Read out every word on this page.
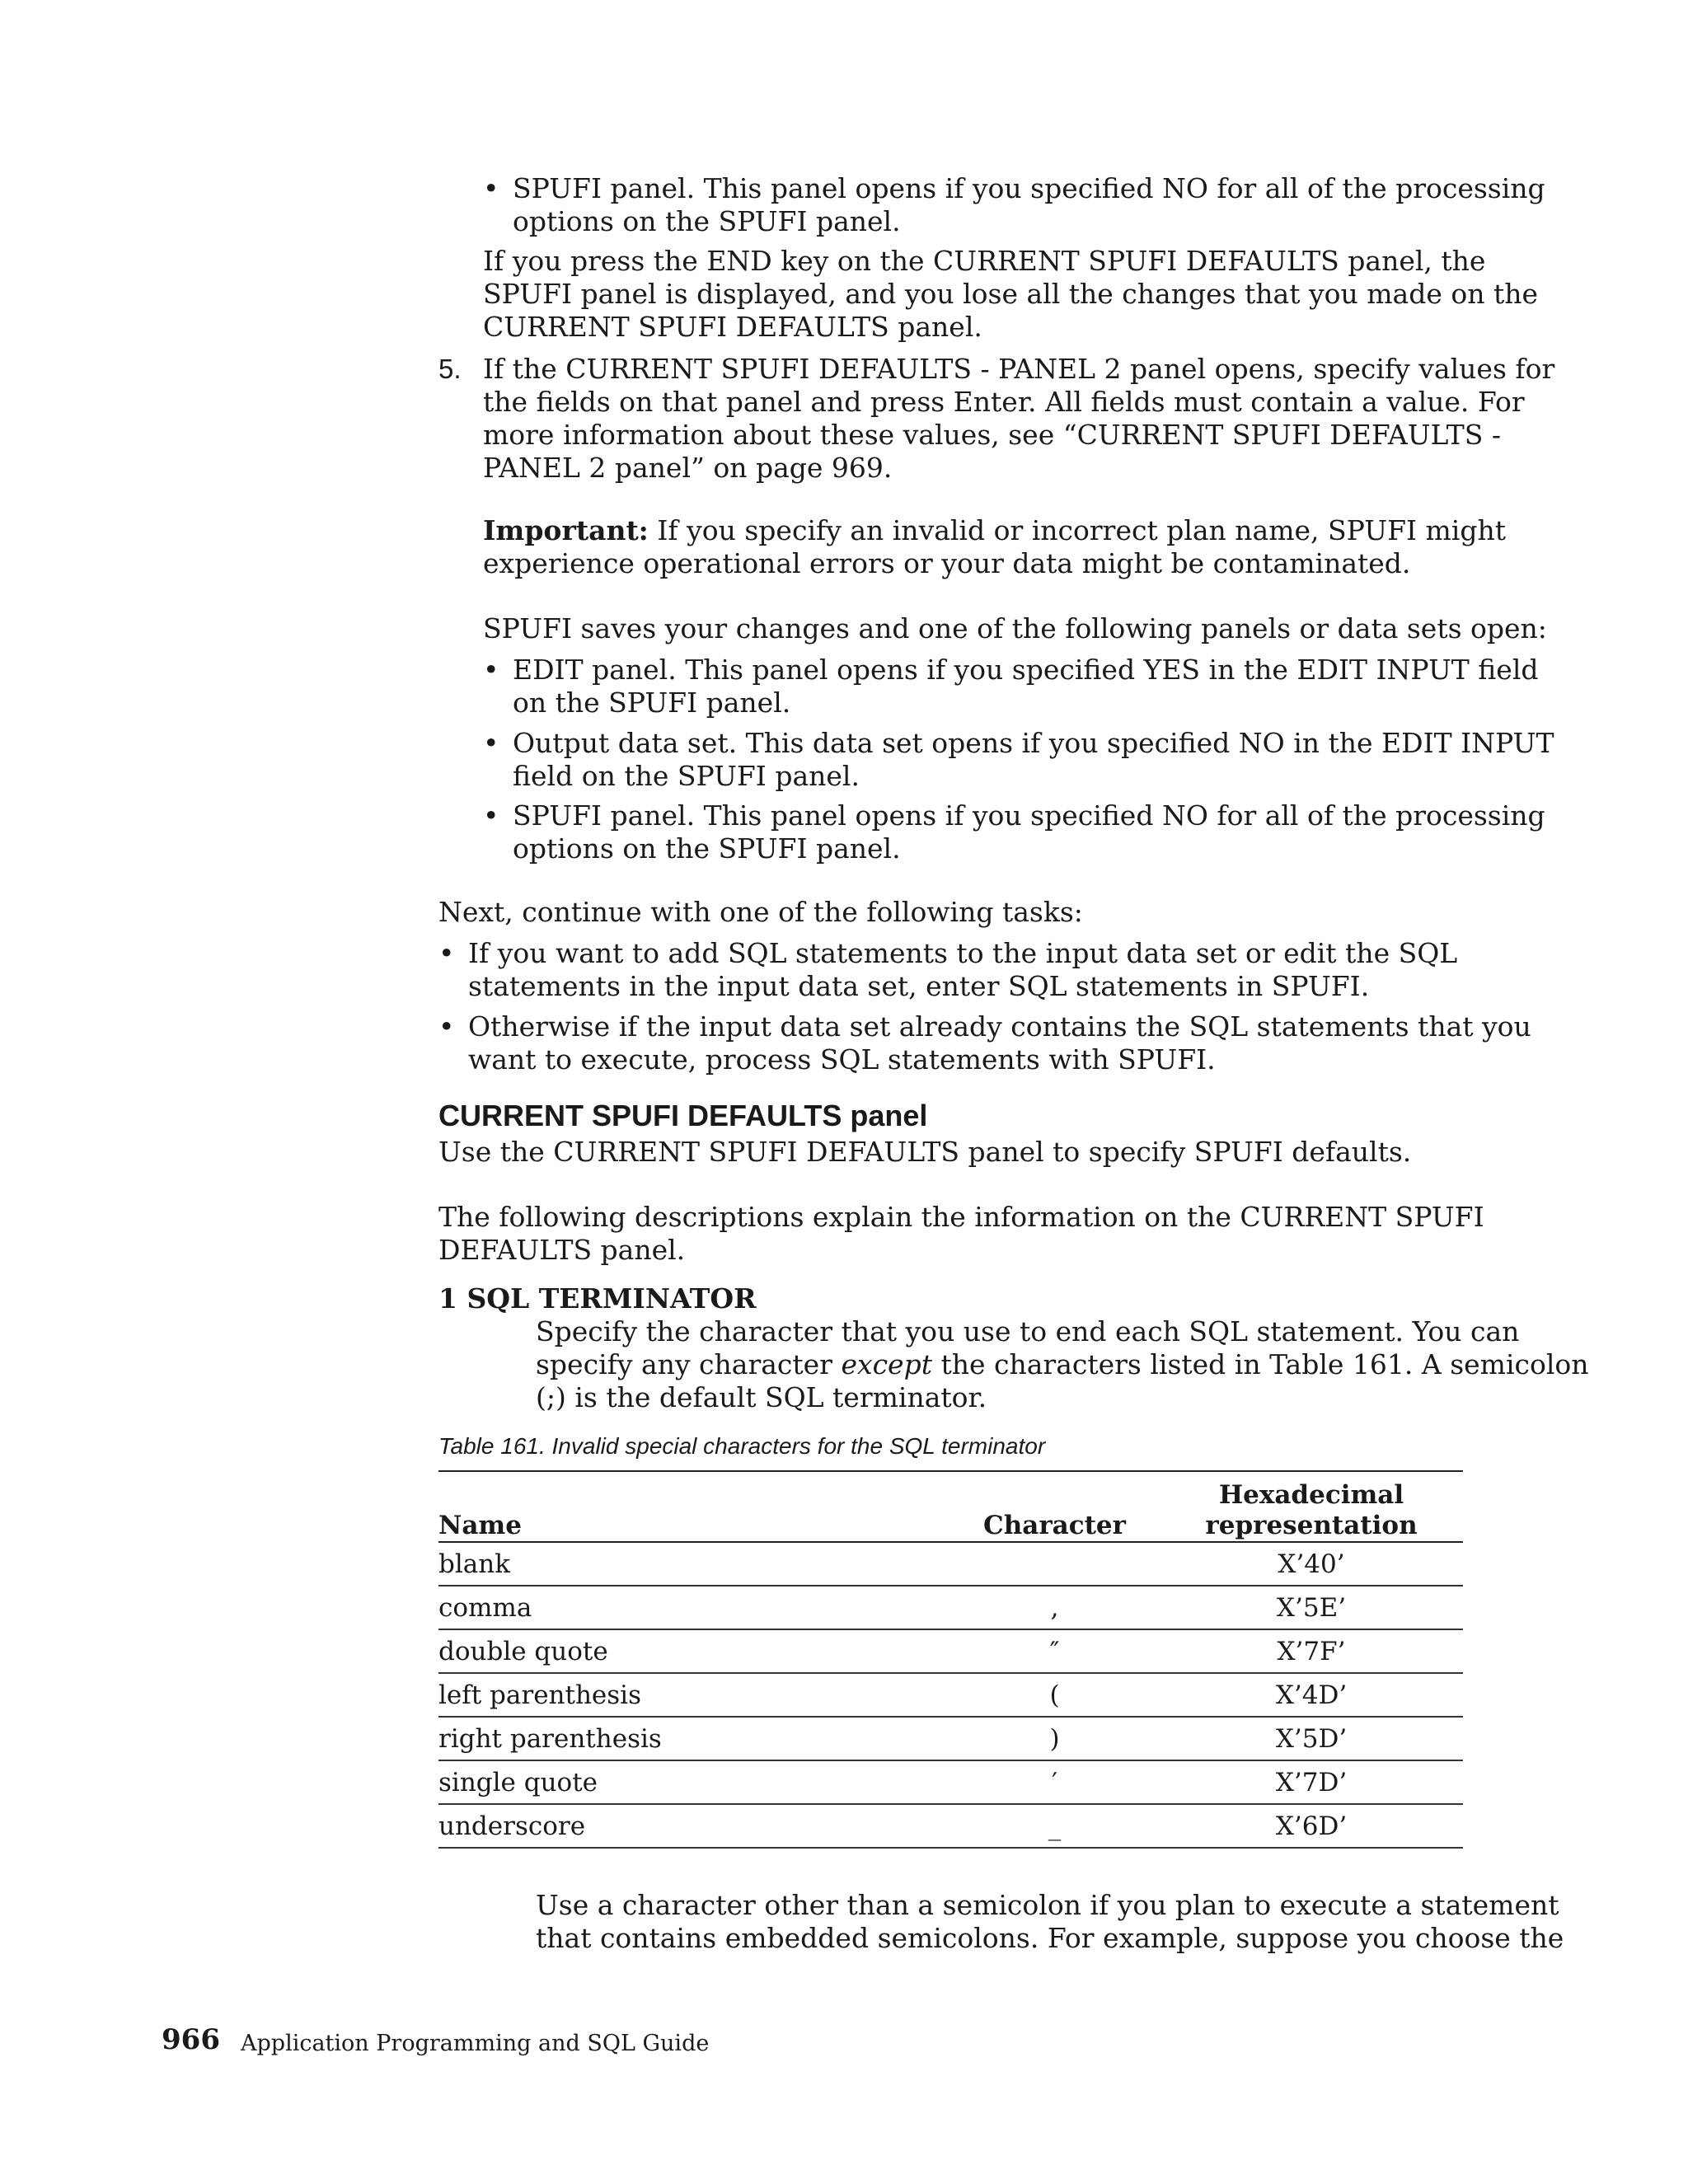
• SPUFI panel. This panel opens if you specified NO for all of the processing
options on the SPUFI panel.
If you press the END key on the CURRENT SPUFI DEFAULTS panel, the
SPUFI panel is displayed, and you lose all the changes that you made on the
CURRENT SPUFI DEFAULTS panel.
5. If the CURRENT SPUFI DEFAULTS - PANEL 2 panel opens, specify values for
the fields on that panel and press Enter. All fields must contain a value. For
more information about these values, see “CURRENT SPUFI DEFAULTS -
PANEL 2 panel” on page 969.
Important: If you specify an invalid or incorrect plan name, SPUFI might
experience operational errors or your data might be contaminated.
SPUFI saves your changes and one of the following panels or data sets open:
• EDIT panel. This panel opens if you specified YES in the EDIT INPUT field
on the SPUFI panel.
• Output data set. This data set opens if you specified NO in the EDIT INPUT
field on the SPUFI panel.
• SPUFI panel. This panel opens if you specified NO for all of the processing
options on the SPUFI panel.
Next, continue with one of the following tasks:
• If you want to add SQL statements to the input data set or edit the SQL
statements in the input data set, enter SQL statements in SPUFI.
• Otherwise if the input data set already contains the SQL statements that you
want to execute, process SQL statements with SPUFI.
CURRENT SPUFI DEFAULTS panel
Use the CURRENT SPUFI DEFAULTS panel to specify SPUFI defaults.
The following descriptions explain the information on the CURRENT SPUFI
DEFAULTS panel.
1 SQL TERMINATOR
Specify the character that you use to end each SQL statement. You can
specify any character except the characters listed in Table 161. A semicolon
(;) is the default SQL terminator.
Table 161. Invalid special characters for the SQL terminator
Name	Character	Hexadecimal
representation

blank		X’40’
comma	,	X’5E’
double quote	″	X’7F’
left parenthesis	(	X’4D’
right parenthesis	)	X’5D’
single quote	′	X’7D’
underscore	_	X’6D’
Use a character other than a semicolon if you plan to execute a statement
that contains embedded semicolons. For example, suppose you choose the
966 Application Programming and SQL Guide
